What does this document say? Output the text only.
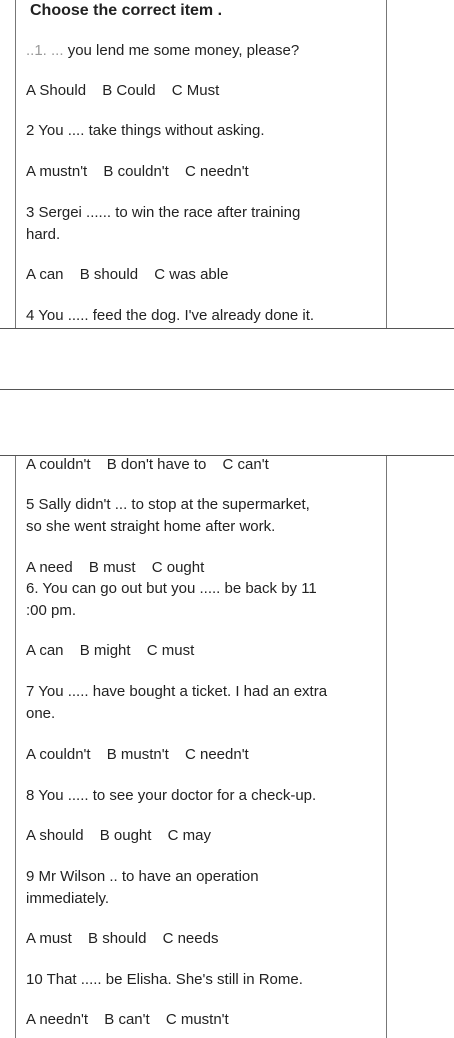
Choose the correct item .
..1. ... you lend me some money, please?
A Should B Could C Must
2 You .... take things without asking.
A mustn't B couldn't C needn't
3 Sergei ...... to win the race after training
hard.
A can B should C was able
4 You ..... feed the dog. I've already done it.
A couldn't B don't have to C can't
5 Sally didn't ... to stop at the supermarket,
so she went straight home after work.
A need B must C ought
6. You can go out but you ..... be back by 11
:00 pm.
A can B might C must
7 You ..... have bought a ticket. I had an extra
one.
A couldn't B mustn't C needn't
8 You ..... to see your doctor for a check-up.
A should B ought C may
9 Mr Wilson .. to have an operation
immediately.
A must B should C needs
10 That ..... be Elisha. She's still in Rome.
A needn't B can't C mustn't
